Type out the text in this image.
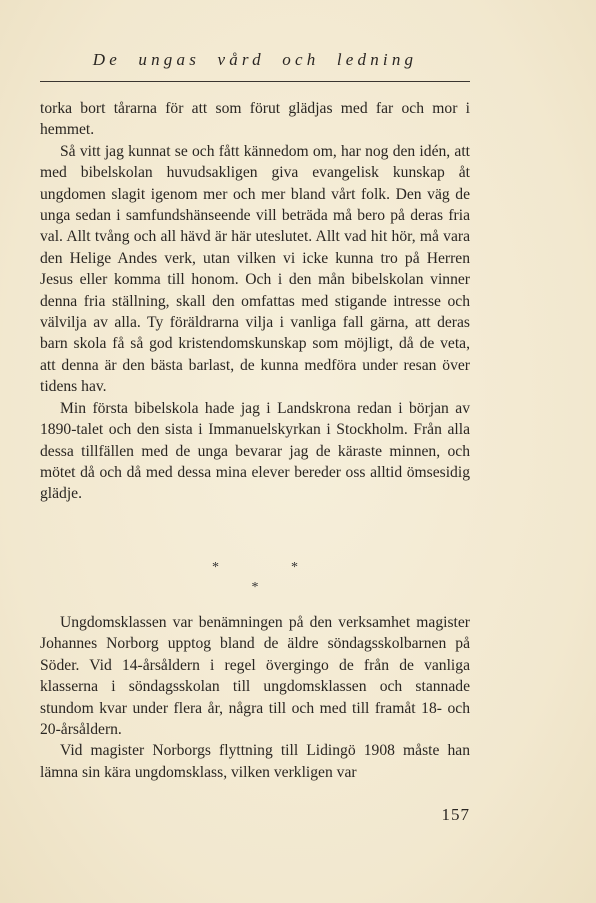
De ungas vård och ledning

torka bort tårarna för att som förut glädjas med far och mor i hemmet.

Så vitt jag kunnat se och fått kännedom om, har nog den idén, att med bibelskolan huvudsakligen giva evangelisk kunskap åt ungdomen slagit igenom mer och mer bland vårt folk. Den väg de unga sedan i samfundshänseende vill beträda må bero på deras fria val. Allt tvång och all hävd är här uteslutet. Allt vad hit hör, må vara den Helige Andes verk, utan vilken vi icke kunna tro på Herren Jesus eller komma till honom. Och i den mån bibelskolan vinner denna fria ställning, skall den omfattas med stigande intresse och välvilja av alla. Ty föräldrarna vilja i vanliga fall gärna, att deras barn skola få så god kristendomskunskap som möjligt, då de veta, att denna är den bästa barlast, de kunna medföra under resan över tidens hav.

Min första bibelskola hade jag i Landskrona redan i början av 1890-talet och den sista i Immanuelskyrkan i Stockholm. Från alla dessa tillfällen med de unga bevarar jag de käraste minnen, och mötet då och då med dessa mina elever bereder oss alltid ömsesidig glädje.

*	*
*

Ungdomsklassen var benämningen på den verksamhet magister Johannes Norborg upptog bland de äldre söndagsskolbarnen på Söder. Vid 14-årsåldern i regel övergingo de från de vanliga klasserna i söndagsskolan till ungdomsklassen och stannade stundom kvar under flera år, några till och med till framåt 18- och 20-årsåldern.

Vid magister Norborgs flyttning till Lidingö 1908 måste han lämna sin kära ungdomsklass, vilken verkligen var

157
